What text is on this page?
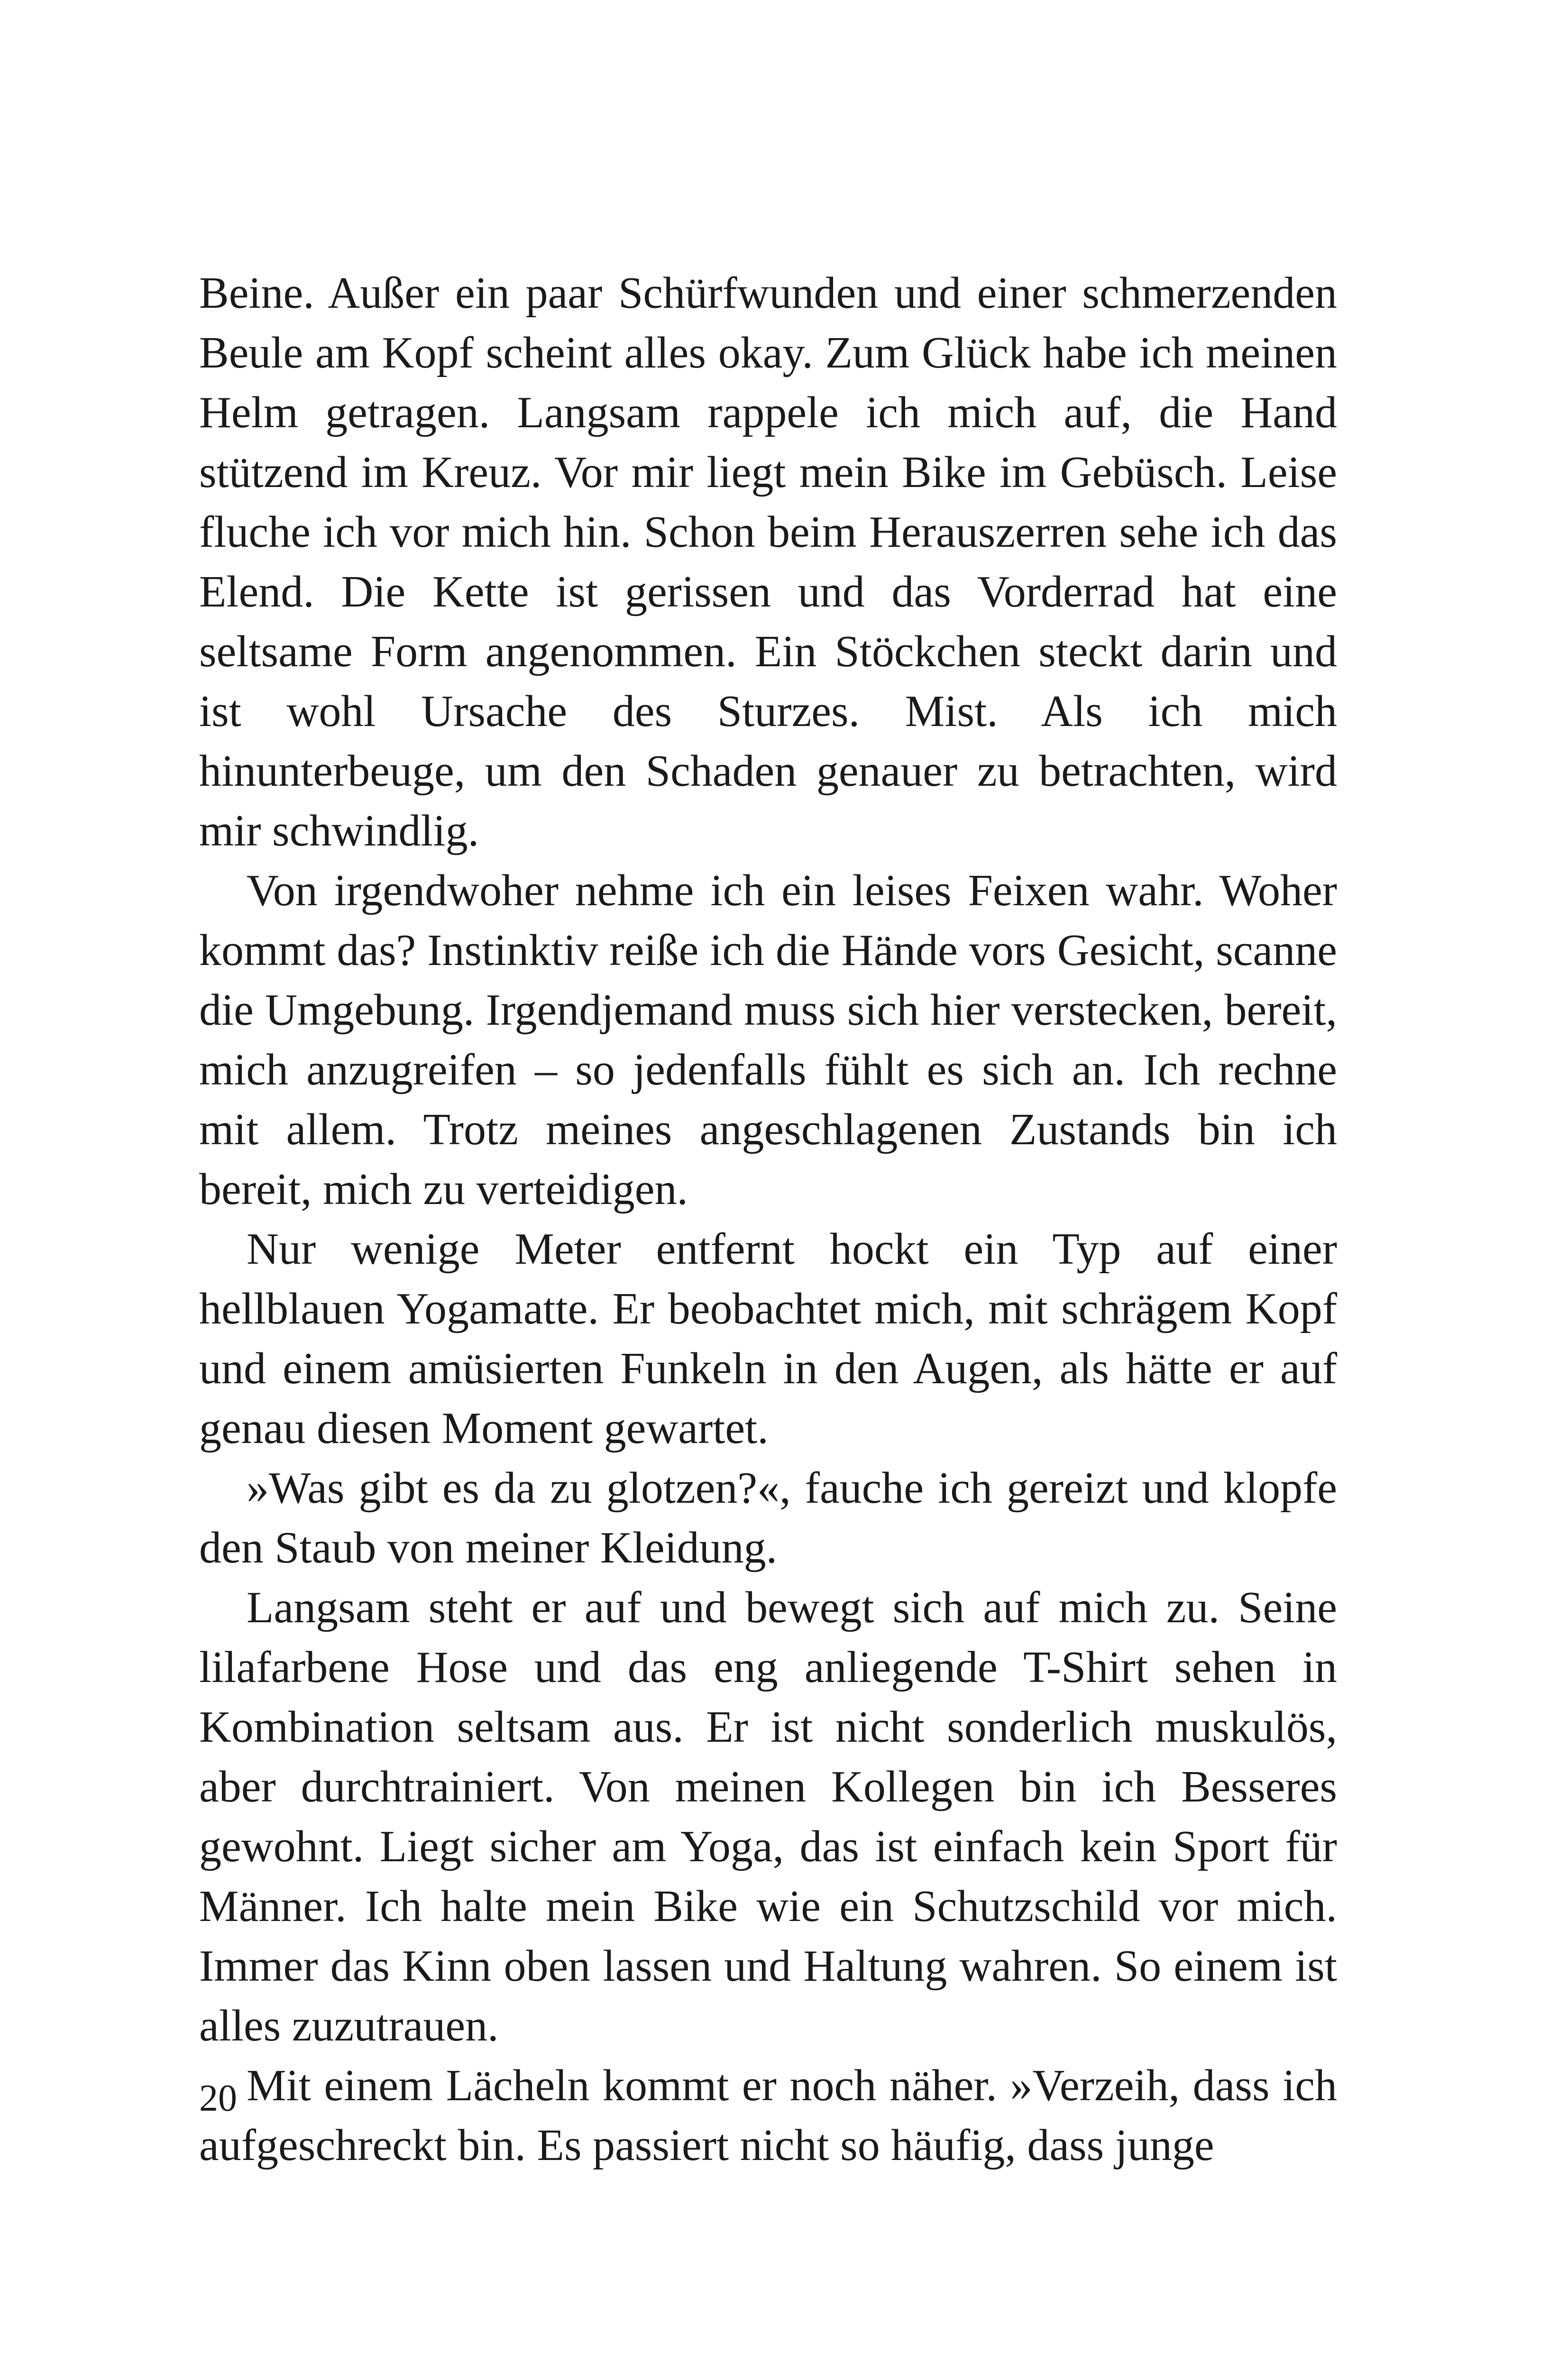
Beine. Außer ein paar Schürfwunden und einer schmerzenden Beule am Kopf scheint alles okay. Zum Glück habe ich meinen Helm getragen. Langsam rappele ich mich auf, die Hand stützend im Kreuz. Vor mir liegt mein Bike im Gebüsch. Leise fluche ich vor mich hin. Schon beim Herauszerren sehe ich das Elend. Die Kette ist gerissen und das Vorderrad hat eine seltsame Form angenommen. Ein Stöckchen steckt darin und ist wohl Ursache des Sturzes. Mist. Als ich mich hinunterbeuge, um den Schaden genauer zu betrachten, wird mir schwindlig.

Von irgendwoher nehme ich ein leises Feixen wahr. Woher kommt das? Instinktiv reiße ich die Hände vors Gesicht, scanne die Umgebung. Irgendjemand muss sich hier verstecken, bereit, mich anzugreifen – so jedenfalls fühlt es sich an. Ich rechne mit allem. Trotz meines angeschlagenen Zustands bin ich bereit, mich zu verteidigen.

Nur wenige Meter entfernt hockt ein Typ auf einer hellblauen Yogamatte. Er beobachtet mich, mit schrägem Kopf und einem amüsierten Funkeln in den Augen, als hätte er auf genau diesen Moment gewartet.

»Was gibt es da zu glotzen?«, fauche ich gereizt und klopfe den Staub von meiner Kleidung.

Langsam steht er auf und bewegt sich auf mich zu. Seine lilafarbene Hose und das eng anliegende T-Shirt sehen in Kombination seltsam aus. Er ist nicht sonderlich muskulös, aber durchtrainiert. Von meinen Kollegen bin ich Besseres gewohnt. Liegt sicher am Yoga, das ist einfach kein Sport für Männer. Ich halte mein Bike wie ein Schutzschild vor mich. Immer das Kinn oben lassen und Haltung wahren. So einem ist alles zuzutrauen.

Mit einem Lächeln kommt er noch näher. »Verzeih, dass ich aufgeschreckt bin. Es passiert nicht so häufig, dass junge

20
